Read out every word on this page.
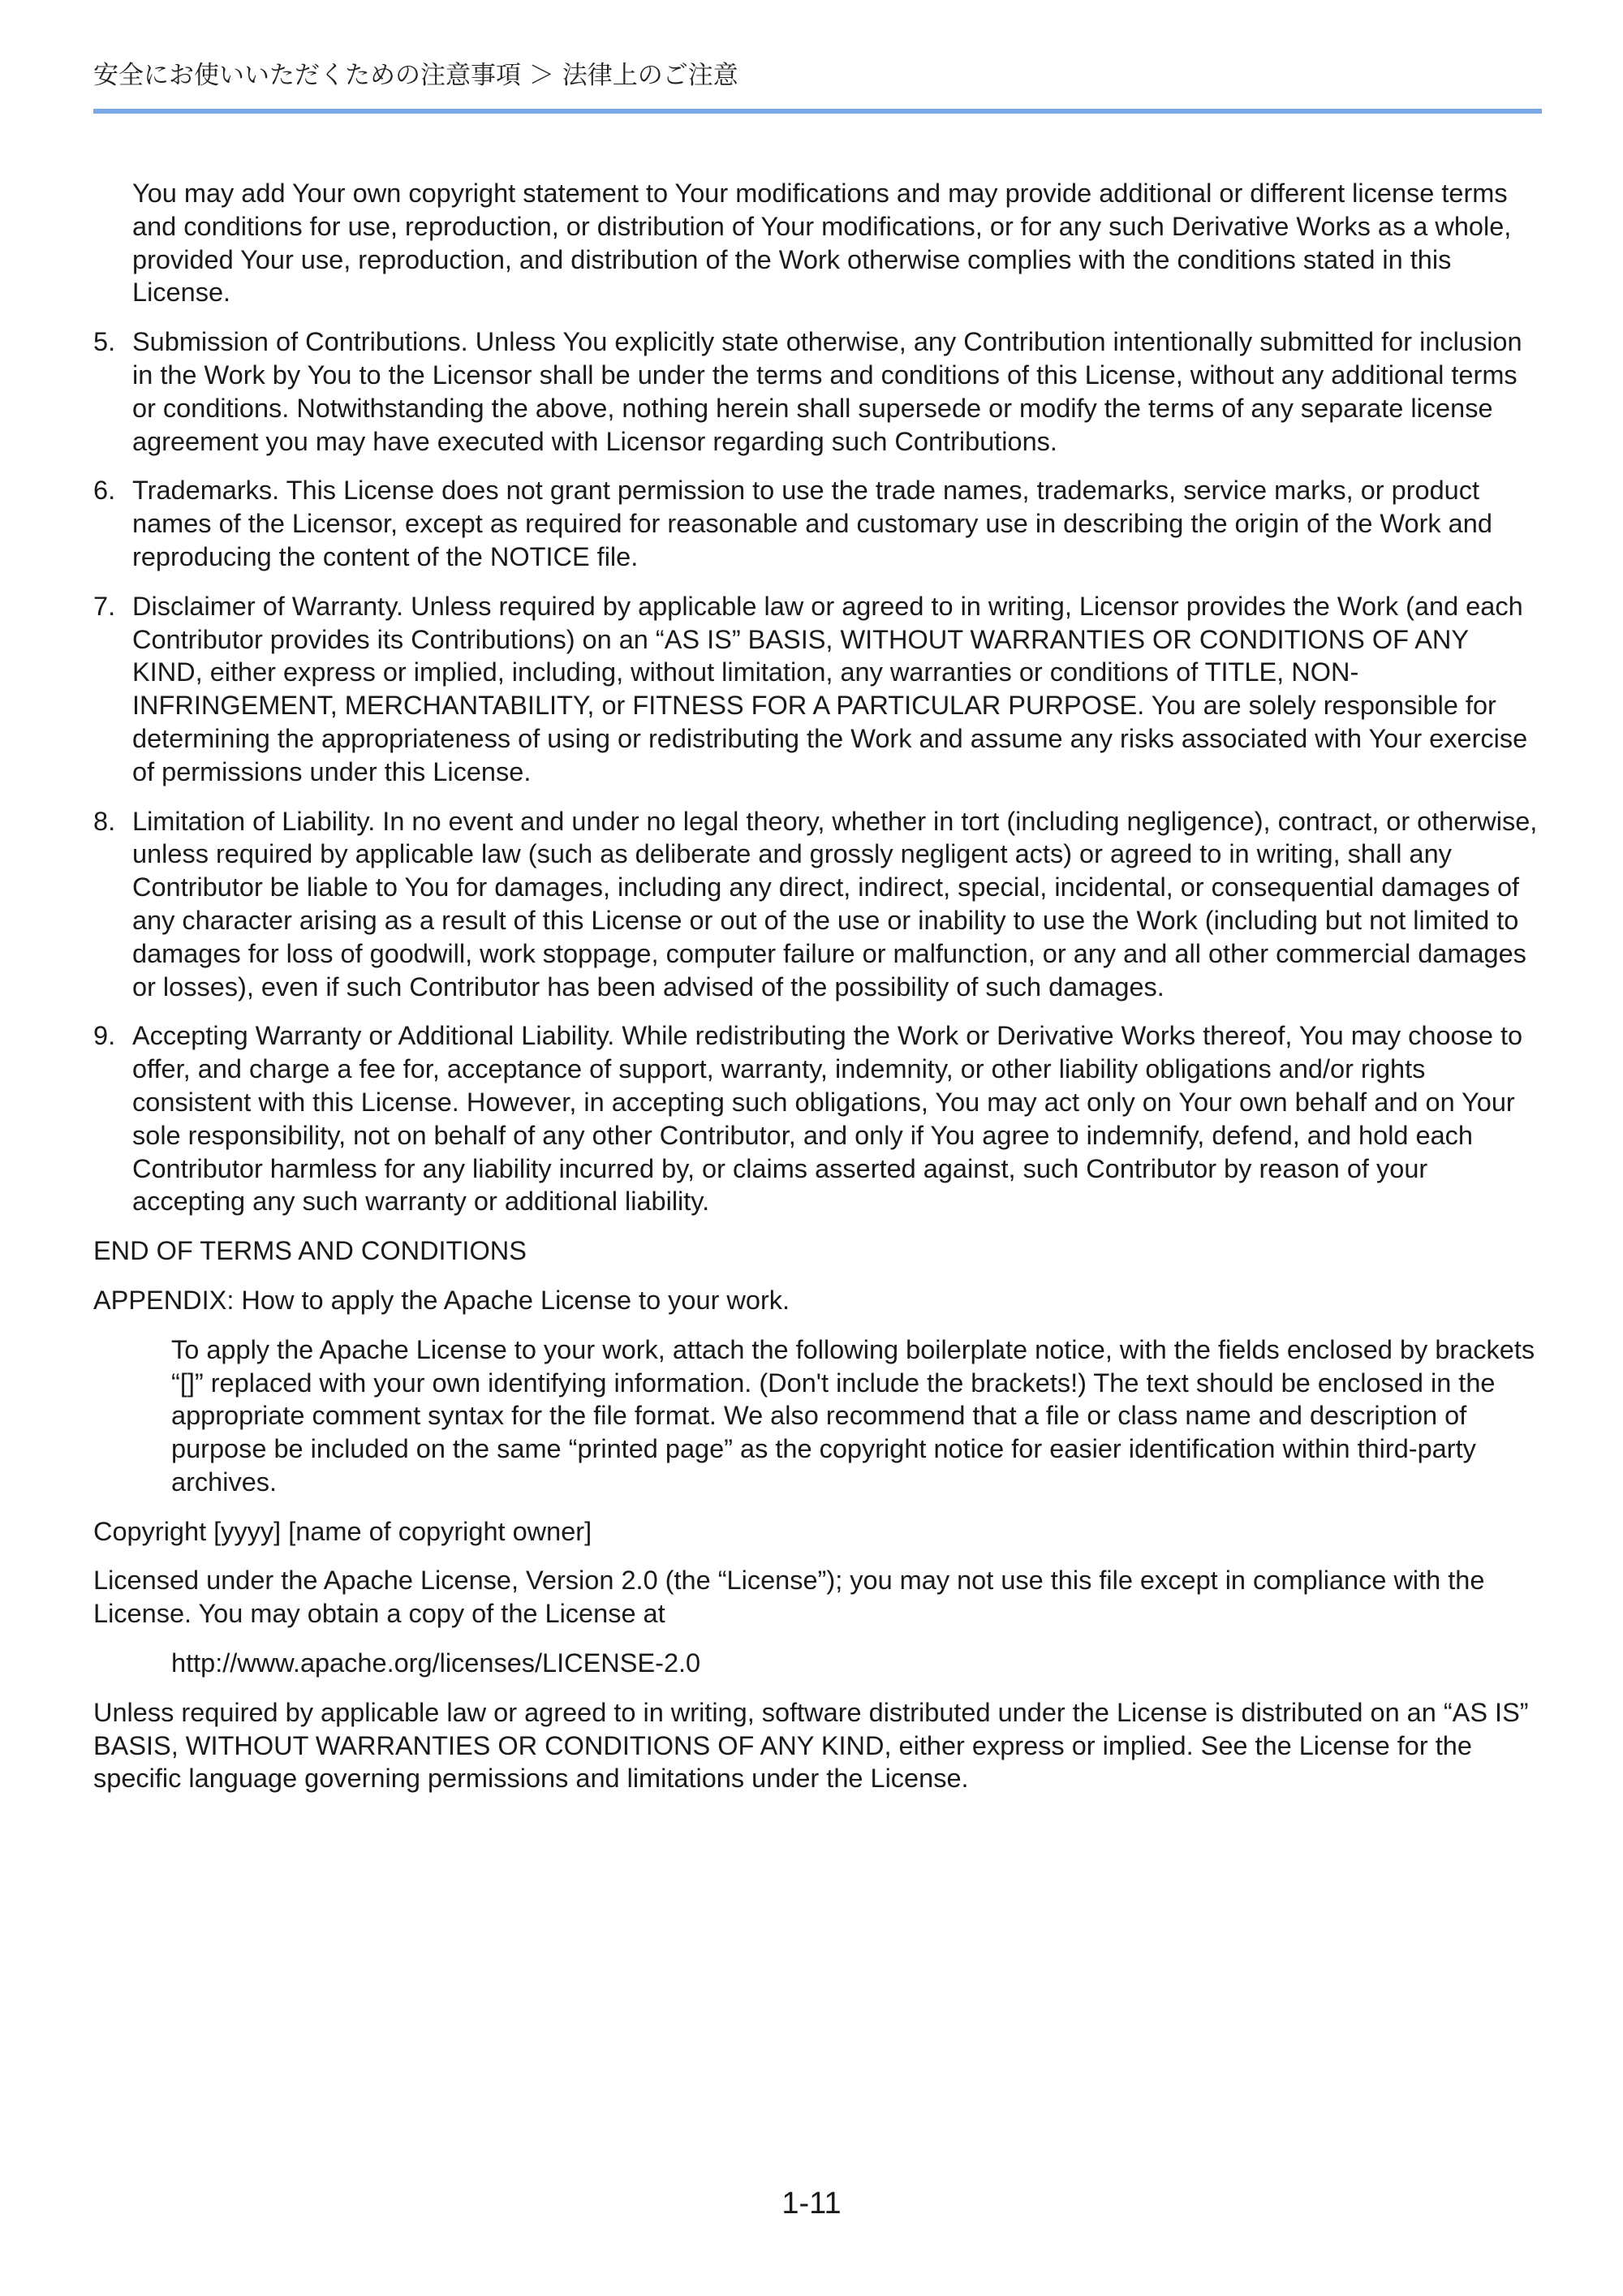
安全にお使いいただくための注意事項 ＞ 法律上のご注意

You may add Your own copyright statement to Your modifications and may provide additional or different license terms and conditions for use, reproduction, or distribution of Your modifications, or for any such Derivative Works as a whole, provided Your use, reproduction, and distribution of the Work otherwise complies with the conditions stated in this License.

5. Submission of Contributions. Unless You explicitly state otherwise, any Contribution intentionally submitted for inclusion in the Work by You to the Licensor shall be under the terms and conditions of this License, without any additional terms or conditions. Notwithstanding the above, nothing herein shall supersede or modify the terms of any separate license agreement you may have executed with Licensor regarding such Contributions.
6. Trademarks. This License does not grant permission to use the trade names, trademarks, service marks, or product names of the Licensor, except as required for reasonable and customary use in describing the origin of the Work and reproducing the content of the NOTICE file.
7. Disclaimer of Warranty. Unless required by applicable law or agreed to in writing, Licensor provides the Work (and each Contributor provides its Contributions) on an “AS IS” BASIS, WITHOUT WARRANTIES OR CONDITIONS OF ANY KIND, either express or implied, including, without limitation, any warranties or conditions of TITLE, NON-INFRINGEMENT, MERCHANTABILITY, or FITNESS FOR A PARTICULAR PURPOSE. You are solely responsible for determining the appropriateness of using or redistributing the Work and assume any risks associated with Your exercise of permissions under this License.
8. Limitation of Liability. In no event and under no legal theory, whether in tort (including negligence), contract, or otherwise, unless required by applicable law (such as deliberate and grossly negligent acts) or agreed to in writing, shall any Contributor be liable to You for damages, including any direct, indirect, special, incidental, or consequential damages of any character arising as a result of this License or out of the use or inability to use the Work (including but not limited to damages for loss of goodwill, work stoppage, computer failure or malfunction, or any and all other commercial damages or losses), even if such Contributor has been advised of the possibility of such damages.
9. Accepting Warranty or Additional Liability. While redistributing the Work or Derivative Works thereof, You may choose to offer, and charge a fee for, acceptance of support, warranty, indemnity, or other liability obligations and/or rights consistent with this License. However, in accepting such obligations, You may act only on Your own behalf and on Your sole responsibility, not on behalf of any other Contributor, and only if You agree to indemnify, defend, and hold each Contributor harmless for any liability incurred by, or claims asserted against, such Contributor by reason of your accepting any such warranty or additional liability.

END OF TERMS AND CONDITIONS

APPENDIX: How to apply the Apache License to your work.

To apply the Apache License to your work, attach the following boilerplate notice, with the fields enclosed by brackets “[]” replaced with your own identifying information. (Don't include the brackets!) The text should be enclosed in the appropriate comment syntax for the file format. We also recommend that a file or class name and description of purpose be included on the same “printed page” as the copyright notice for easier identification within third-party archives.

Copyright [yyyy] [name of copyright owner]

Licensed under the Apache License, Version 2.0 (the “License”); you may not use this file except in compliance with the License. You may obtain a copy of the License at

http://www.apache.org/licenses/LICENSE-2.0

Unless required by applicable law or agreed to in writing, software distributed under the License is distributed on an “AS IS” BASIS, WITHOUT WARRANTIES OR CONDITIONS OF ANY KIND, either express or implied. See the License for the specific language governing permissions and limitations under the License.

1-11
